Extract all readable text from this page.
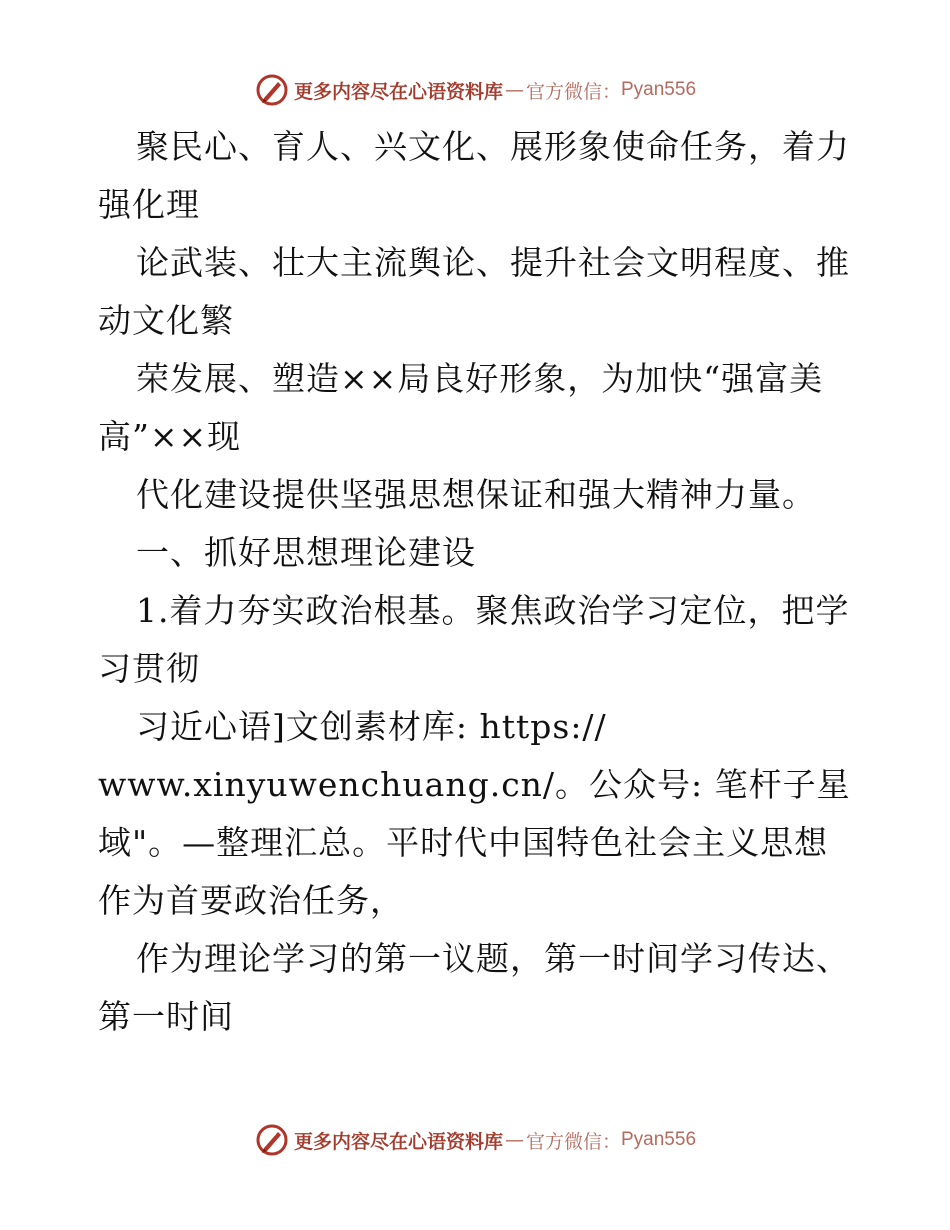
更多内容尽在心语资料库 — 官方微信： Pyan556
聚民心、育人、兴文化、展形象使命任务，着力
强化理
论武装、壮大主流舆论、提升社会文明程度、推
动文化繁
荣发展、塑造××局良好形象，为加快“强富美
高”××现
代化建设提供坚强思想保证和强大精神力量。
一、抓好思想理论建设
1.着力夯实政治根基。聚焦政治学习定位，把学
习贯彻
习近心语]文创素材库: https://
www.xinyuwenchuang.cn/。公众号: 笔杆子星
域"。—整理汇总。平时代中国特色社会主义思想
作为首要政治任务，
作为理论学习的第一议题，第一时间学习传达、
第一时间
更多内容尽在心语资料库 — 官方微信： Pyan556
